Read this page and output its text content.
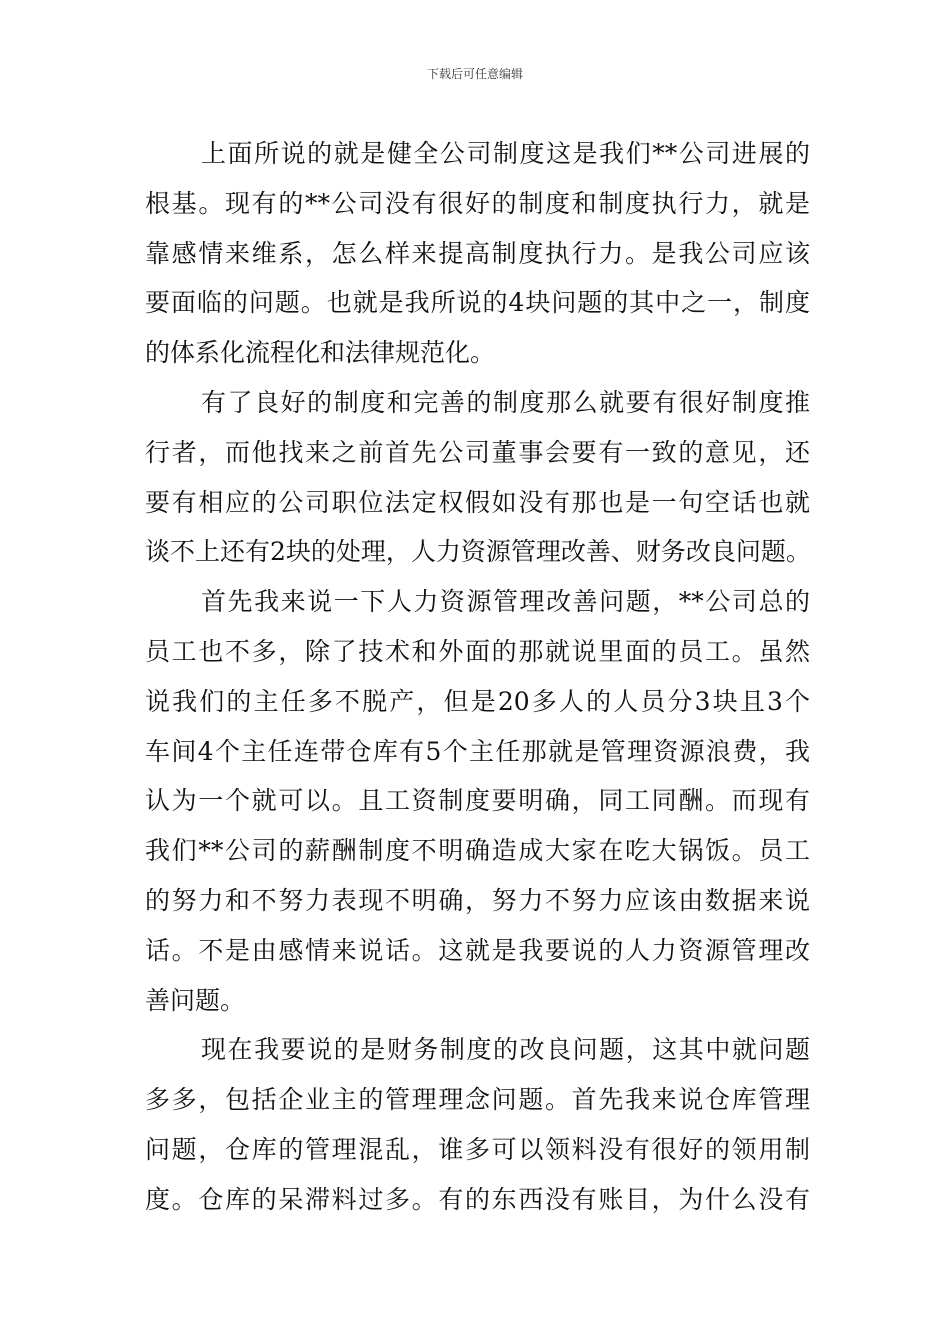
下载后可任意编辑
上面所说的就是健全公司制度这是我们**公司进展的
根基。现有的**公司没有很好的制度和制度执行力，就是
靠感情来维系，怎么样来提高制度执行力。是我公司应该
要面临的问题。也就是我所说的4块问题的其中之一，制度
的体系化流程化和法律规范化。
有了良好的制度和完善的制度那么就要有很好制度推
行者，而他找来之前首先公司董事会要有一致的意见，还
要有相应的公司职位法定权假如没有那也是一句空话也就
谈不上还有2块的处理，人力资源管理改善、财务改良问题。
首先我来说一下人力资源管理改善问题，**公司总的
员工也不多，除了技术和外面的那就说里面的员工。虽然
说我们的主任多不脱产，但是20多人的人员分3块且3个
车间4个主任连带仓库有5个主任那就是管理资源浪费，我
认为一个就可以。且工资制度要明确，同工同酬。而现有
我们**公司的薪酬制度不明确造成大家在吃大锅饭。员工
的努力和不努力表现不明确，努力不努力应该由数据来说
话。不是由感情来说话。这就是我要说的人力资源管理改
善问题。
现在我要说的是财务制度的改良问题，这其中就问题
多多，包括企业主的管理理念问题。首先我来说仓库管理
问题，仓库的管理混乱，谁多可以领料没有很好的领用制
度。仓库的呆滞料过多。有的东西没有账目，为什么没有
